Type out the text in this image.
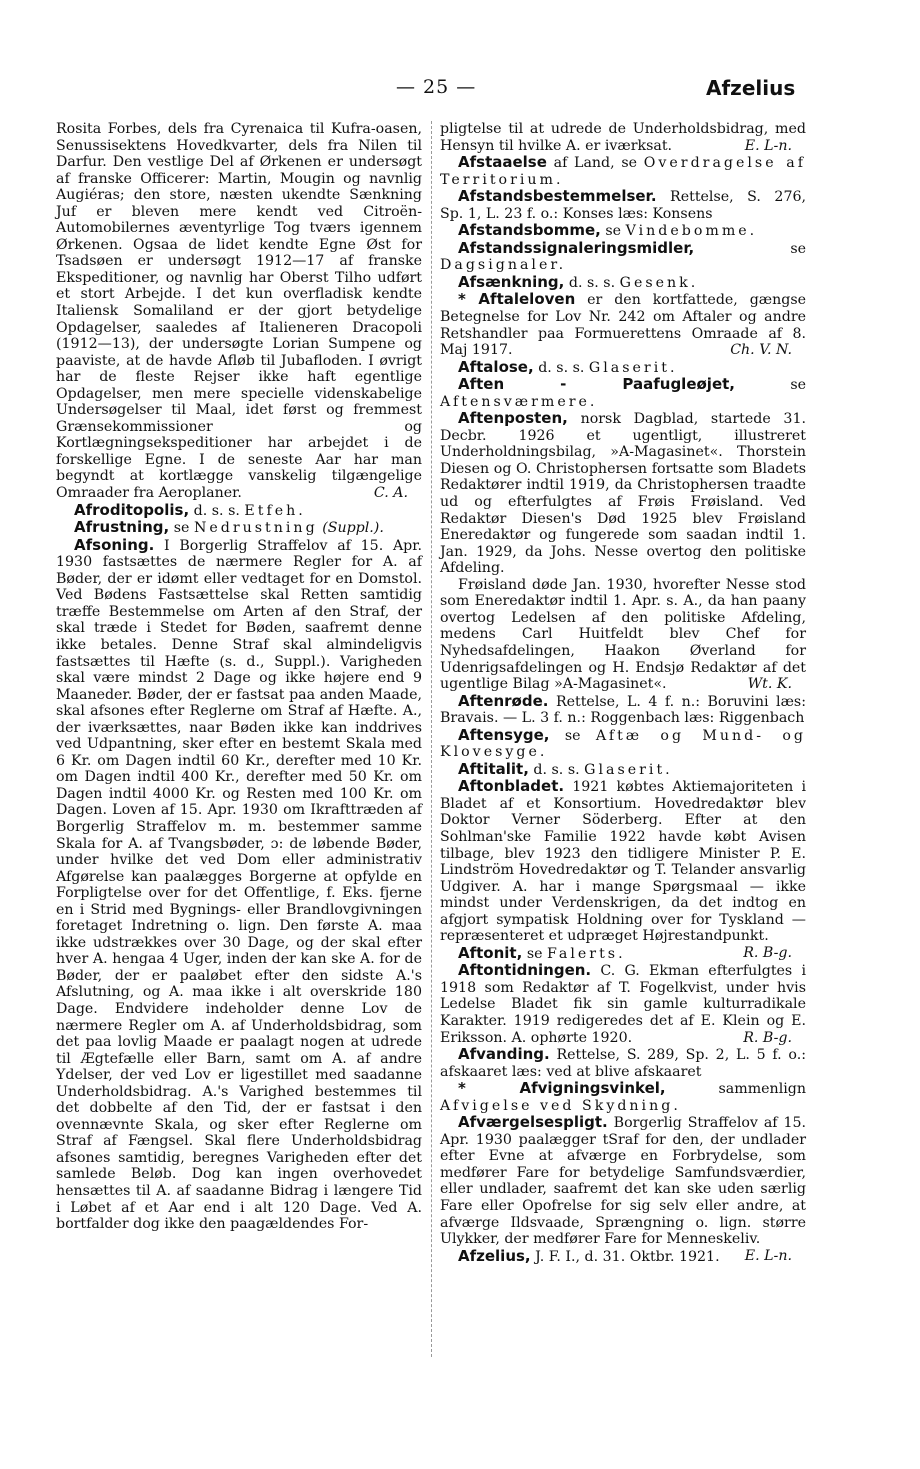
— 25 —	Afzelius

Rosita Forbes, dels fra Cyrenaica til Kufra-oasen, Senussisektens Hovedkvarter, dels fra Nilen til Darfur. Den vestlige Del af Ørkenen er undersøgt af franske Officerer: Martin, Mougin og navnlig Augiéras; den store, næsten ukendte Sænkning Juf er bleven mere kendt ved Citroën-Automobilernes æventyrlige Tog tværs igennem Ørkenen. Ogsaa de lidet kendte Egne Øst for Tsadsøen er undersøgt 1912—17 af franske Ekspeditioner, og navnlig har Oberst Tilho udført et stort Arbejde. I det kun overfladisk kendte Italiensk Somaliland er der gjort betydelige Opdagelser, saaledes af Italieneren Dracopoli (1912—13), der undersøgte Lorian Sumpene og paaviste, at de havde Afløb til Jubafloden. I øvrigt har de fleste Rejser ikke haft egentlige Opdagelser, men mere specielle videnskabelige Undersøgelser til Maal, idet først og fremmest Grænsekommissioner og Kortlægningsekspeditioner har arbejdet i de forskellige Egne. I de seneste Aar har man begyndt at kortlægge vanskelig tilgængelige Omraader fra Aeroplaner.	C. A.

Afroditopolis, d. s. s. Etfeh.

Afrustning, se Nedrustning (Suppl.).

Afsoning. I Borgerlig Straffelov af 15. Apr. 1930 fastsættes de nærmere Regler for A. af Bøder, der er idømt eller vedtaget for en Domstol. Ved Bødens Fastsættelse skal Retten samtidig træffe Bestemmelse om Arten af den Straf, der skal træde i Stedet for Bøden, saafremt denne ikke betales. Denne Straf skal almindeligvis fastsættes til Hæfte (s. d., Suppl.). Varigheden skal være mindst 2 Dage og ikke højere end 9 Maaneder. Bøder, der er fastsat paa anden Maade, skal afsones efter Reglerne om Straf af Hæfte. A., der iværksættes, naar Bøden ikke kan inddrives ved Udpantning, sker efter en bestemt Skala med 6 Kr. om Dagen indtil 60 Kr., derefter med 10 Kr. om Dagen indtil 400 Kr., derefter med 50 Kr. om Dagen indtil 4000 Kr. og Resten med 100 Kr. om Dagen. Loven af 15. Apr. 1930 om Ikrafttræden af Borgerlig Straffelov m. m. bestemmer samme Skala for A. af Tvangsbøder, ɔ: de løbende Bøder, under hvilke det ved Dom eller administrativ Afgørelse kan paalægges Borgerne at opfylde en Forpligtelse over for det Offentlige, f. Eks. fjerne en i Strid med Bygnings- eller Brandlovgivningen foretaget Indretning o. lign. Den første A. maa ikke udstrækkes over 30 Dage, og der skal efter hver A. hengaa 4 Uger, inden der kan ske A. for de Bøder, der er paaløbet efter den sidste A.'s Afslutning, og A. maa ikke i alt overskride 180 Dage. Endvidere indeholder denne Lov de nærmere Regler om A. af Underholdsbidrag, som det paa lovlig Maade er paalagt nogen at udrede til Ægtefælle eller Barn, samt om A. af andre Ydelser, der ved Lov er ligestillet med saadanne Underholdsbidrag. A.'s Varighed bestemmes til det dobbelte af den Tid, der er fastsat i den ovennævnte Skala, og sker efter Reglerne om Straf af Fængsel. Skal flere Underholdsbidrag afsones samtidig, beregnes Varigheden efter det samlede Beløb. Dog kan ingen overhovedet hensættes til A. af saadanne Bidrag i længere Tid i Løbet af et Aar end i alt 120 Dage. Ved A. bortfalder dog ikke den paagældendes For-

pligtelse til at udrede de Underholdsbidrag, med Hensyn til hvilke A. er iværksat.	E. L-n.

Afstaaelse af Land, se Overdragelse af Territorium.

Afstandsbestemmelser. Rettelse, S. 276, Sp. 1, L. 23 f. o.: Konses læs: Konsens

Afstandsbomme, se Vindebomme.

Afstandssignaleringsmidler,	se Dagsignaler.

Afsænkning, d. s. s. Gesenk.

* Aftaleloven er den kortfattede, gængse Betegnelse for Lov Nr. 242 om Aftaler og andre Retshandler paa Formuerettens Omraade af 8. Maj 1917.	Ch. V. N.

Aftalose, d. s. s. Glaserit.

Aften - Paafugleøjet,	se Aftensværmere.

Aftenposten, norsk Dagblad, startede 31. Decbr. 1926 et ugentligt, illustreret Underholdningsbilag, »A-Magasinet«. Thorstein Diesen og O. Christophersen fortsatte som Bladets Redaktører indtil 1919, da Christophersen traadte ud og efterfulgtes af Frøis Frøisland. Ved Redaktør Diesen's Død 1925 blev Frøisland Eneredaktør og fungerede som saadan indtil 1. Jan. 1929, da Johs. Nesse overtog den politiske Afdeling.

Frøisland døde Jan. 1930, hvorefter Nesse stod som Eneredaktør indtil 1. Apr. s. A., da han paany overtog Ledelsen af den politiske Afdeling, medens Carl Huitfeldt blev Chef for Nyhedsafdelingen, Haakon Øverland for Udenrigsafdelingen og H. Endsjø Redaktør af det ugentlige Bilag »A-Magasinet«.	Wt. K.

Aftenrøde. Rettelse, L. 4 f. n.: Boruvini læs: Bravais. — L. 3 f. n.: Roggenbach læs: Riggenbach

Aftensyge, se Aftæ og Mund- og Klovesyge.

Aftitalit, d. s. s. Glaserit.

Aftonbladet. 1921 købtes Aktiemajoriteten i Bladet af et Konsortium. Hovedredaktør blev Doktor Verner Söderberg. Efter at den Sohlman'ske Familie 1922 havde købt Avisen tilbage, blev 1923 den tidligere Minister P. E. Lindström Hovedredaktør og T. Telander ansvarlig Udgiver. A. har i mange Spørgsmaal — ikke mindst under Verdenskrigen, da det indtog en afgjort sympatisk Holdning over for Tyskland — repræsenteret et udpræget Højrestandpunkt.

Aftonit, se Falerts.	R. B-g.

Aftontidningen. C. G. Ekman efterfulgtes i 1918 som Redaktør af T. Fogelkvist, under hvis Ledelse Bladet fik sin gamle kulturradikale Karakter. 1919 redigeredes det af E. Klein og E. Eriksson. A. ophørte 1920.	R. B-g.

Afvanding. Rettelse, S. 289, Sp. 2, L. 5 f. o.: afskaaret læs: ved at blive afskaaret

* Afvigningsvinkel,	sammenlign Afvigelse ved Skydning.

Afværgelsespligt. Borgerlig Straffelov af 15. Apr. 1930 paalægger tSraf for den, der undlader efter Evne at afværge en Forbrydelse, som medfører Fare for betydelige Samfundsværdier, eller undlader, saafremt det kan ske uden særlig Fare eller Opofrelse for sig selv eller andre, at afværge Ildsvaade, Sprængning o. lign. større Ulykker, der medfører Fare for Menneskeliv.
E. L-n.

Afzelius, J. F. I., d. 31. Oktbr. 1921.
